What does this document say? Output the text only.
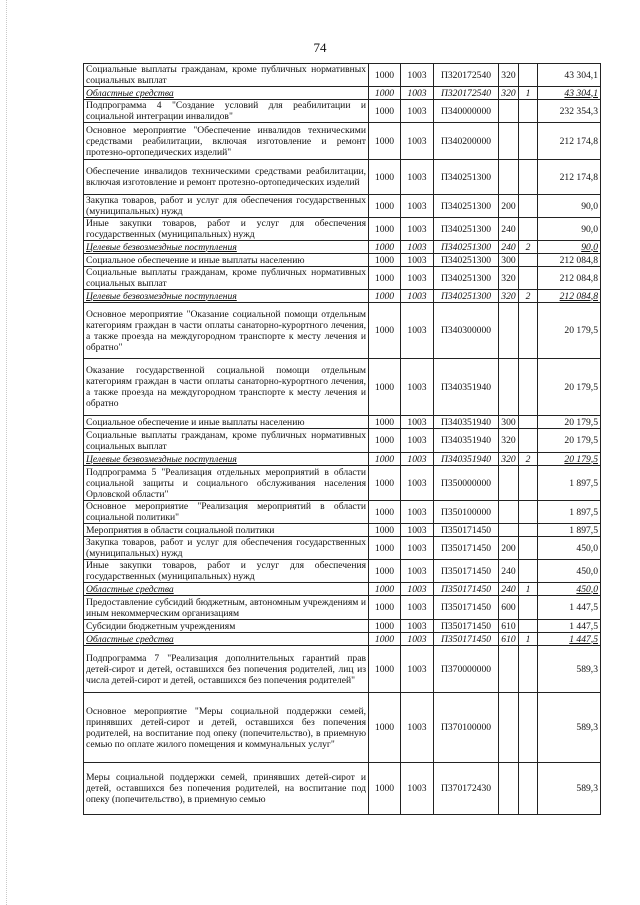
74
Социальные выплаты гражданам, кроме публичных нормативных социальных выплат	1000	1003	П320172540	320		43 304,1
Областные средства	1000	1003	П320172540	320	1	43 304,1
Подпрограмма 4 "Создание условий для реабилитации и социальной интеграции инвалидов"	1000	1003	П340000000			232 354,3
Основное мероприятие "Обеспечение инвалидов техническими средствами реабилитации, включая изготовление и ремонт протезно-ортопедических изделий"	1000	1003	П340200000			212 174,8
Обеспечение инвалидов техническими средствами реабилитации, включая изготовление и ремонт протезно-ортопедических изделий	1000	1003	П340251300			212 174,8
Закупка товаров, работ и услуг для обеспечения государственных (муниципальных) нужд	1000	1003	П340251300	200		90,0
Иные закупки товаров, работ и услуг для обеспечения государственных (муниципальных) нужд	1000	1003	П340251300	240		90,0
Целевые безвозмездные поступления	1000	1003	П340251300	240	2	90,0
Социальное обеспечение и иные выплаты населению	1000	1003	П340251300	300		212 084,8
Социальные выплаты гражданам, кроме публичных нормативных социальных выплат	1000	1003	П340251300	320		212 084,8
Целевые безвозмездные поступления	1000	1003	П340251300	320	2	212 084,8
Основное мероприятие "Оказание социальной помощи отдельным категориям граждан в части оплаты санаторно-курортного лечения, а также проезда на междугородном транспорте к месту лечения и обратно"	1000	1003	П340300000			20 179,5
Оказание государственной социальной помощи отдельным категориям граждан в части оплаты санаторно-курортного лечения, а также проезда на междугородном транспорте к месту лечения и обратно	1000	1003	П340351940			20 179,5
Социальное обеспечение и иные выплаты населению	1000	1003	П340351940	300		20 179,5
Социальные выплаты гражданам, кроме публичных нормативных социальных выплат	1000	1003	П340351940	320		20 179,5
Целевые безвозмездные поступления	1000	1003	П340351940	320	2	20 179,5
Подпрограмма 5 "Реализация отдельных мероприятий в области социальной защиты и социального обслуживания населения Орловской области"	1000	1003	П350000000			1 897,5
Основное мероприятие "Реализация мероприятий в области социальной политики"	1000	1003	П350100000			1 897,5
Мероприятия в области социальной политики	1000	1003	П350171450			1 897,5
Закупка товаров, работ и услуг для обеспечения государственных (муниципальных) нужд	1000	1003	П350171450	200		450,0
Иные закупки товаров, работ и услуг для обеспечения государственных (муниципальных) нужд	1000	1003	П350171450	240		450,0
Областные средства	1000	1003	П350171450	240	1	450,0
Предоставление субсидий бюджетным, автономным учреждениям и иным некоммерческим организациям	1000	1003	П350171450	600		1 447,5
Субсидии бюджетным учреждениям	1000	1003	П350171450	610		1 447,5
Областные средства	1000	1003	П350171450	610	1	1 447,5
Подпрограмма 7 "Реализация дополнительных гарантий прав детей-сирот и детей, оставшихся без попечения родителей, лиц из числа детей-сирот и детей, оставшихся без попечения родителей"	1000	1003	П370000000			589,3
Основное мероприятие "Меры социальной поддержки семей, принявших детей-сирот и детей, оставшихся без попечения родителей, на воспитание под опеку (попечительство), в приемную семью по оплате жилого помещения и коммунальных услуг"	1000	1003	П370100000			589,3
Меры социальной поддержки семей, принявших детей-сирот и детей, оставшихся без попечения родителей, на воспитание под опеку (попечительство), в приемную семью	1000	1003	П370172430			589,3
